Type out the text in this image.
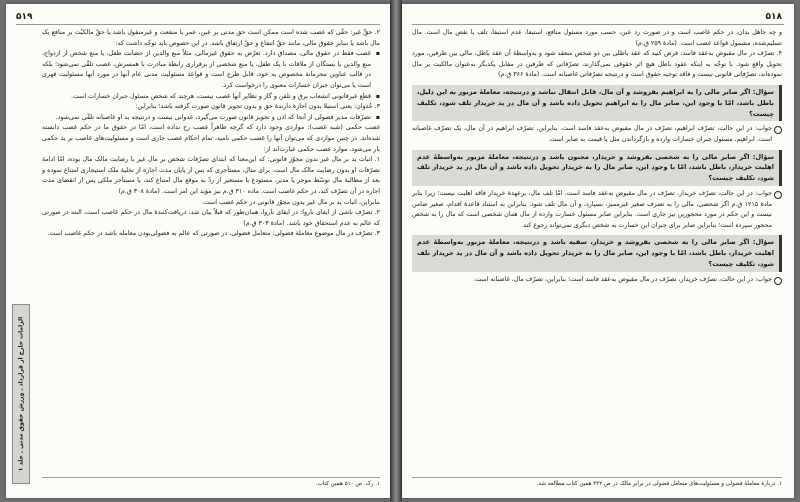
۵۱۹
۲. حقِّ غیر: حقّی که غصب شده است ممکن است حق مدنی بر عین، عمر یا منفعت و غیرمنقول باشد یا حقّ مالکیّت بر منافع یک مال باشد یا سایر حقوق مالی، مانند حقّ انتفاع و حقّ ارتفاق باشد. در این خصوص باید توجّه داشت که:
▪ غصب فقط در حقوق مالی، مصداق دارد. تعرّض به حقوق غیرمالی، مثلاً منع والدین از حضانت طفل، یا منع شخص از ازدواج، منع والدین یا بستگان از ملاقات با یک طفل، یا منع شخصی از برقراری رابطهٔ مبادرت با همسرش، غصب تلقّی نمی‌شود؛ بلکه در قالب عناوین مجرمانهٔ مخصوص به خود، قابل طرح است و قواعد مسئولیت مدنی عام آنها در مورد آنها مسئولیت قهری است یا می‌توان جبران خسارات معنوی را درخواست کرد.
▪ قطع غیرقانونی انشعاب برق و تلفن و گاز و نظایر آنها غصب نیست، هرچند که شخص مسئول جبران خسارات است.
۳. عُدوان: یعنی استیلا بدون اجازهٔ دارندهٔ حق و بدون تجویز قانون صورت گرفته باشد؛ بنابراین:
▪ تصرّفات مدیر فضولی از آنجا که اذن و تجویز قانون صورت می‌گیرد، عدوانی نیست و درنتیجه ید او غاصبانه تلقّی نمی‌شود.
غصب حکمی (شبه غصب): مواردی وجود دارد که گرچه ظاهراً غصب رخ نداده است، امّا در حقوق ما در حکم غصب دانسته شده‌اند. در چنین مواردی که می‌توان آنها را غصب حکمی نامید، تمام احکام غصب جاری است و مسئولیت‌های غاصب بر ید حکمی بار می‌شود. موارد غصب حکمی عبارت‌اند از:
۱. اثبات ید بر مال غیر بدون مجوّز قانونی: که این‌معنا که ابتدای تصرّفات شخص بر مال غیر با رضایت مالک مال بوده، امّا ادامهٔ تصرّفات او بدون رضایت مالک مال است. برای مثال، مستأجری که پس از پایان مدت اجاره از تخلیهٔ ملک استیجاری امتناع نموده و بعد از مطالبهٔ مال توسّط موجر یا مدیر، مستودع یا مستعیر از ردّ به موقع مال امتناع کند، یا مستأجر ملکی پس از انقضای مدت اجاره در آن تصرّف کند، در حکم غاصب است. ماده ۳۱۰ ق.م نیز مؤید این امر است. (مادهٔ ۳۰۸ ق.م)
بنابراین، اثبات ید بر مال غیر بدون مجوّز قانونی در حکم غصب است.
۲. تصرّف ناشی از ایفای ناروا: در ایفای ناروا، همان‌طور که قبلاً بیان شد، دریافت‌کنندهٔ مال در حکم غاصب است، البته در صورتی که عالم به عدم استحقاق خود باشد. (مادهٔ ۳۰۳ ق.م)
۳. تصرّف در مال موضوع معاملهٔ فضولی: متعامل فضولی، در صورتی که عالم به فضولی‌بودن معامله باشد در حکم غاصب است.
الزامات خارج از قرارداد ـ ورزش حقوق مدنی ـ جلد ۱
۱. رک. ص ۵۱۰ همین کتاب.
۵۱۸
و چه جاهل بدان، در حکم غاصب است و در صورت رد عین، حسب مورد مسئول منافع، استیفا، عدم استیفا، تلف یا نقص مال است. مال تسلیم‌شده، مشمول قواعد غصب است. (مادهٔ ۲۵۹ ق.م)
۴. تصرّف در مال مقبوض به‌عقد فاسد: فرض کنید که عقد باطلی بین دو شخص منعقد شود و به‌واسطهٔ آن عقد باطل، مالی بین طرفین، مورد تحویل واقع شود. با توجّه به اینکه عقود باطل هیچ اثر حقوقی نمی‌گذارند، تصرّفاتی که طرفین در مقابل یکدیگر به‌عنوان مالکیت بر مال نموده‌اند، تصرّفاتی قانونی نیست و فاقد توجیه حقوق است و درنتیجه تصرّفاتی غاصبانه است. (مادهٔ ۳۶۶ ق.م)
سؤال: اگر صابر مالی را به ابراهیم بفروشد و آن مال، قابل انتقال نباشد و درنتیجه، معاملهٔ مزبور به این دلیل، باطل باشد، امّا با وجود این، صابر مال را به ابراهیم تحویل داده باشد و آن مال در ید خریدار تلف شود، تکلیف چیست؟
جواب: در این حالت، تصرّف ابراهیم، تصرّف در مال مقبوض به‌عقد فاسد است. بنابراین، تصرّف ابراهیم در آن مال، یک تصرّف غاصبانه است. ابراهیم، مسئول جبران خسارات وارده و بازگرداندن مثل یا قیمت به صابر است.
سؤال: اگر صابر مالی را به شخصی بفروشد و خریدار، مجنون باشد و درنتیجه، معاملهٔ مزبور به‌واسطهٔ عدم اهلیت خریدار، باطل باشد، امّا با وجود این، صابر مال را به خریدار تحویل داده باشد و آن مال در ید خریدار تلف شود، تکلیف چیست؟
جواب: در این حالت، تصرّف خریدار، تصرّف در مال مقبوض به‌عقد فاسد است. امّا تلف مال، برعهدهٔ خریدار فاقد اهلیت نیست؛ زیرا بنابر مادهٔ ۱۲۱۵ ق.م اگر شخصی، مالی را به تصرف صغیر غیرممیز، بسپارد، و آن مال تلف شود، بنابراین به استناد قاعدهٔ اقدام، صغیر ضامن نیست و این حکم در مورد محجورین نیز جاری است. بنابراین صابر مسئول خسارت وارده از مال همان شخصی است که مال را به شخص محجور سپرده است؛ بنابراین صابر برای جبران این خسارت به شخص دیگری نمی‌تواند رجوع کند.
سؤال: اگر صابر مالی را به شخصی بفروشد و خریدار، سفیه باشد و درنتیجه، معاملهٔ مزبور به‌واسطهٔ عدم اهلیت خریدار، باطل باشد، امّا با وجود این، صابر مال را به خریدار تحویل داده باشد و آن مال در ید خریدار تلف شود، تکلیف چیست؟
جواب: در این حالت، تصرّف خریدار، تصرّف در مال مقبوض به‌عقد فاسد است؛ بنابراین، تصرّف مال، غاصبانه است.
۱. دربارهٔ معاملهٔ فضولی و مسئولیت‌های متعامل فضولی در برابر مالک در ص ۴۳۲ همین کتاب مطالعه شد.
